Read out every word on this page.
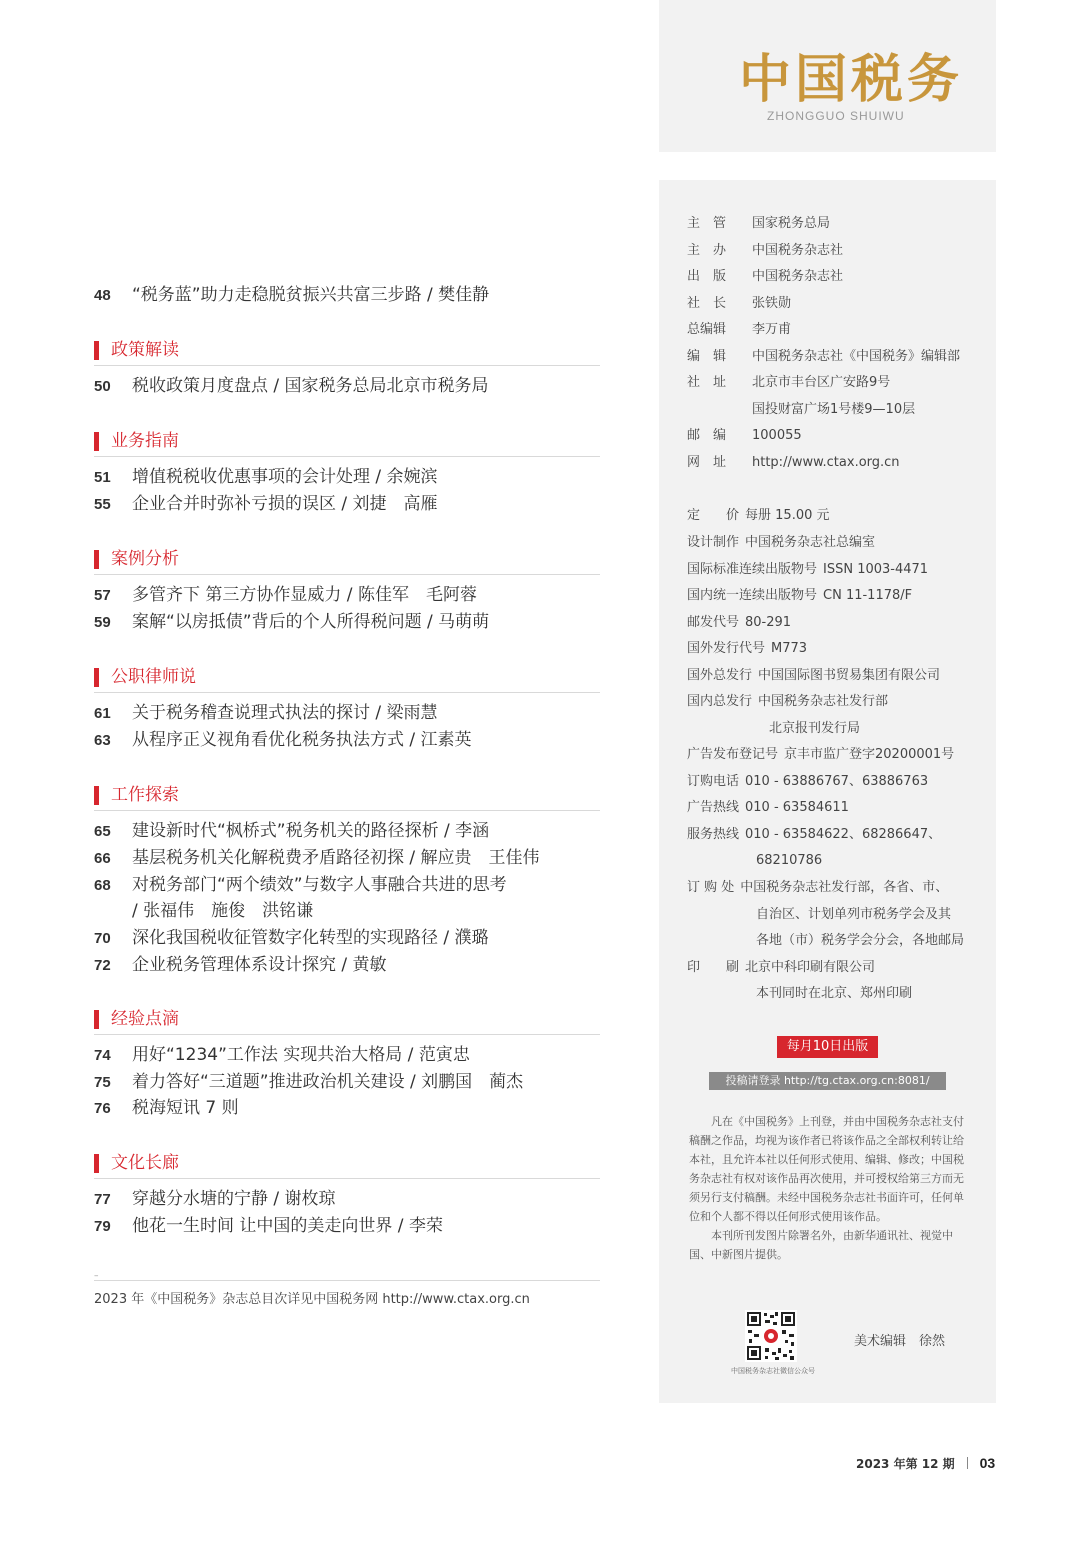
48 “税务蓝”助力走稳脱贫振兴共富三步路 / 樊佳静
政策解读
50 税收政策月度盘点 / 国家税务总局北京市税务局
业务指南
51 增值税税收优惠事项的会计处理 / 余婉滨
55 企业合并时弥补亏损的误区 / 刘捷　高雁
案例分析
57 多管齐下 第三方协作显威力 / 陈佳军　毛阿蓉
59 案解“以房抵债”背后的个人所得税问题 / 马萌萌
公职律师说
61 关于税务稽查说理式执法的探讨 / 梁雨慧
63 从程序正义视角看优化税务执法方式 / 江素英
工作探索
65 建设新时代“枫桥式”税务机关的路径探析 / 李涵
66 基层税务机关化解税费矛盾路径初探 / 解应贵　王佳伟
68 对税务部门“两个绩效”与数字人事融合共进的思考
/ 张福伟　施俊　洪铭谦
70 深化我国税收征管数字化转型的实现路径 / 濮璐
72 企业税务管理体系设计探究 / 黄敏
经验点滴
74 用好“1234”工作法 实现共治大格局 / 范寅忠
75 着力答好“三道题”推进政治机关建设 / 刘鹏国　蔺杰
76 税海短讯 7 则
文化长廊
77 穿越分水塘的宁静 / 谢枚琼
79 他花一生时间 让中国的美走向世界 / 李荣
–
2023 年《中国税务》杂志总目次详见中国税务网 http://www.ctax.org.cn
中国税务
ZHONGGUO SHUIWU
主　管 国家税务总局
主　办 中国税务杂志社
出　版 中国税务杂志社
社　长 张铁勋
总编辑 李万甫
编　辑 中国税务杂志社《中国税务》编辑部
社　址 北京市丰台区广安路9号
国投财富广场1号楼9—10层
邮　编 100055
网　址 http://www.ctax.org.cn
定　　价 每册 15.00 元
设计制作 中国税务杂志社总编室
国际标准连续出版物号 ISSN 1003-4471
国内统一连续出版物号 CN 11-1178/F
邮发代号 80-291
国外发行代号 M773
国外总发行 中国国际图书贸易集团有限公司
国内总发行 中国税务杂志社发行部
北京报刊发行局
广告发布登记号 京丰市监广登字20200001号
订购电话 010 - 63886767、63886763
广告热线 010 - 63584611
服务热线 010 - 63584622、68286647、
68210786
订 购 处 中国税务杂志社发行部，各省、市、
自治区、计划单列市税务学会及其
各地（市）税务学会分会，各地邮局
印　　刷 北京中科印刷有限公司
本刊同时在北京、郑州印刷
每月10日出版
投稿请登录 http://tg.ctax.org.cn:8081/

凡在《中国税务》上刊登，并由中国税务杂志社支付稿酬之作品，均视为该作者已将该作品之全部权利转让给本社，且允许本社以任何形式使用、编辑、修改；中国税务杂志社有权对该作品再次使用，并可授权给第三方而无须另行支付稿酬。未经中国税务杂志社书面许可，任何单位和个人都不得以任何形式使用该作品。

本刊所刊发图片除署名外，由新华通讯社、视觉中国、中新图片提供。

中国税务杂志社微信公众号
美术编辑　徐然
2023 年第 12 期 03
